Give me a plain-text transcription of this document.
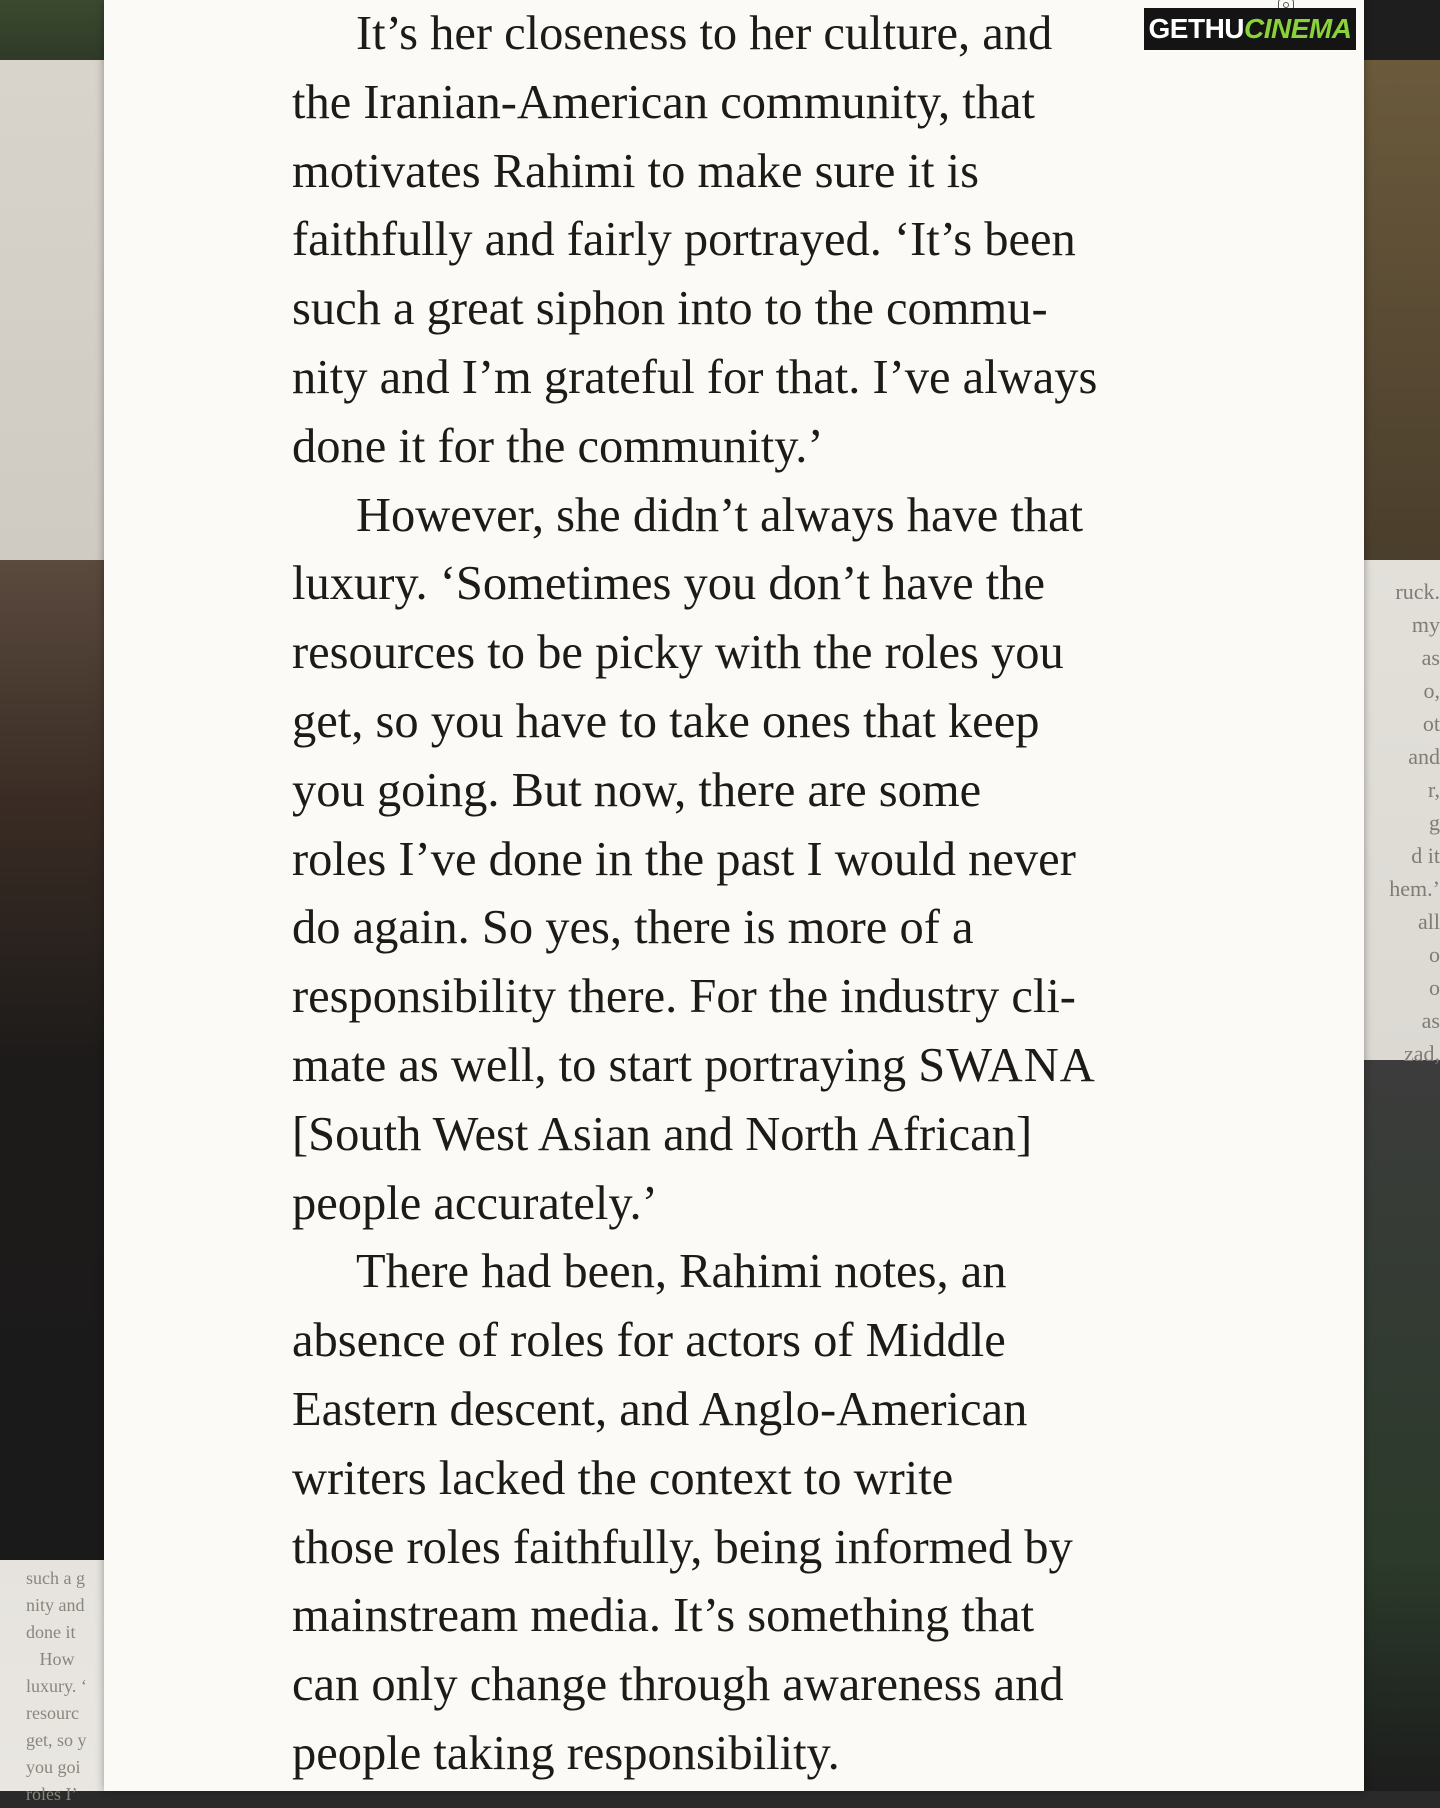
such a g
nity and
done it
How
luxury. ‘
resourc
get, so y
you goi
roles I’
ruck.
my
as
o,
ot
and
r,
g
d it
hem.’
all
o
o
as
zad,

It’s her closeness to her culture, and
the Iranian-American community, that
motivates Rahimi to make sure it is
faithfully and fairly portrayed. ‘It’s been
such a great siphon into to the commu-
nity and I’m grateful for that. I’ve always
done it for the community.’

However, she didn’t always have that
luxury. ‘Sometimes you don’t have the
resources to be picky with the roles you
get, so you have to take ones that keep
you going. But now, there are some
roles I’ve done in the past I would never
do again. So yes, there is more of a
responsibility there. For the industry cli-
mate as well, to start portraying SWANA
[South West Asian and North African]
people accurately.’

There had been, Rahimi notes, an
absence of roles for actors of Middle
Eastern descent, and Anglo-American
writers lacked the context to write
those roles faithfully, being informed by
mainstream media. It’s something that
can only change through awareness and
people taking responsibility.

GETHU CINEMA
